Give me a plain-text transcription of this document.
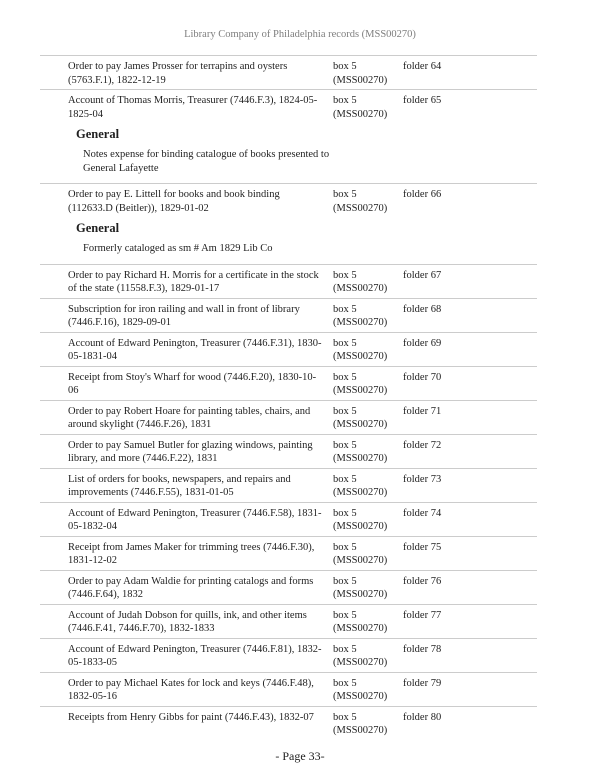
Library Company of Philadelphia records (MSS00270)
Order to pay James Prosser for terrapins and oysters (5763.F.1), 1822-12-19
box 5
(MSS00270)
folder 64
Account of Thomas Morris, Treasurer (7446.F.3), 1824-05-1825-04
box 5
(MSS00270)
folder 65
General
Notes expense for binding catalogue of books presented to General Lafayette
Order to pay E. Littell for books and book binding (112633.D (Beitler)), 1829-01-02
box 5
(MSS00270)
folder 66
General
Formerly cataloged as sm # Am 1829 Lib Co
Order to pay Richard H. Morris for a certificate in the stock of the state (11558.F.3), 1829-01-17
box 5
(MSS00270)
folder 67
Subscription for iron railing and wall in front of library (7446.F.16), 1829-09-01
box 5
(MSS00270)
folder 68
Account of Edward Penington, Treasurer (7446.F.31), 1830-05-1831-04
box 5
(MSS00270)
folder 69
Receipt from Stoy's Wharf for wood (7446.F.20), 1830-10-06
box 5
(MSS00270)
folder 70
Order to pay Robert Hoare for painting tables, chairs, and around skylight (7446.F.26), 1831
box 5
(MSS00270)
folder 71
Order to pay Samuel Butler for glazing windows, painting library, and more (7446.F.22), 1831
box 5
(MSS00270)
folder 72
List of orders for books, newspapers, and repairs and improvements (7446.F.55), 1831-01-05
box 5
(MSS00270)
folder 73
Account of Edward Penington, Treasurer (7446.F.58), 1831-05-1832-04
box 5
(MSS00270)
folder 74
Receipt from James Maker for trimming trees (7446.F.30), 1831-12-02
box 5
(MSS00270)
folder 75
Order to pay Adam Waldie for printing catalogs and forms (7446.F.64), 1832
box 5
(MSS00270)
folder 76
Account of Judah Dobson for quills, ink, and other items (7446.F.41, 7446.F.70), 1832-1833
box 5
(MSS00270)
folder 77
Account of Edward Penington, Treasurer (7446.F.81), 1832-05-1833-05
box 5
(MSS00270)
folder 78
Order to pay Michael Kates for lock and keys (7446.F.48), 1832-05-16
box 5
(MSS00270)
folder 79
Receipts from Henry Gibbs for paint (7446.F.43), 1832-07	box 5
(MSS00270)
folder 80
- Page 33-
